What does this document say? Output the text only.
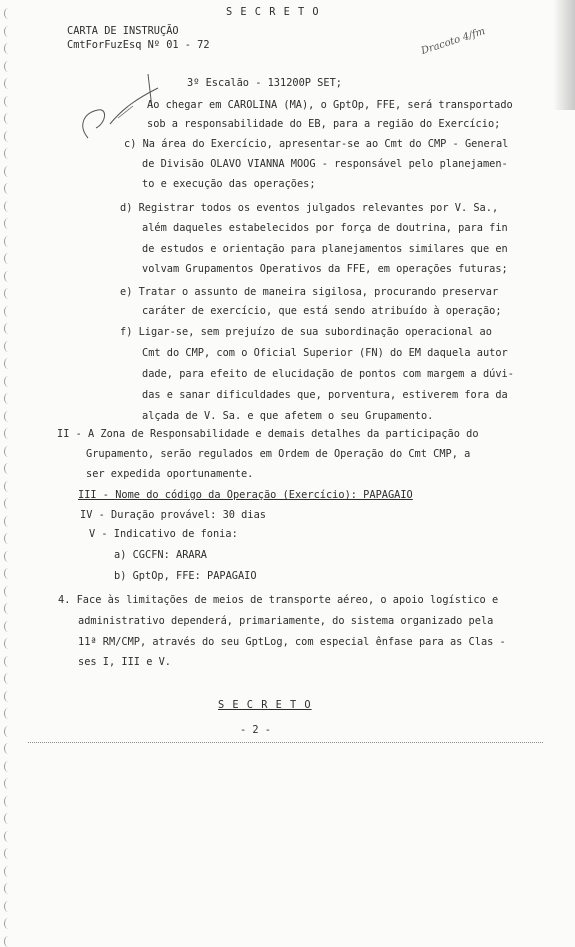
S E C R E T O
CARTA DE INSTRUÇÃO
CmtForFuzEsq Nº 01 - 72	Dracoto 4/fm
3º Escalão - 131200P SET;
Ao chegar em CAROLINA (MA), o GptOp, FFE, será transportado
sob a responsabilidade do EB, para a região do Exercício;
c) Na área do Exercício, apresentar-se ao Cmt do CMP - General
de Divisão OLAVO VIANNA MOOG - responsável pelo planejamen-
to e execução das operações;
d) Registrar todos os eventos julgados relevantes por V. Sa.,
além daqueles estabelecidos por força de doutrina, para fin
de estudos e orientação para planejamentos similares que en
volvam Grupamentos Operativos da FFE, em operações futuras;
e) Tratar o assunto de maneira sigilosa, procurando preservar
caráter de exercício, que está sendo atribuído à operação;
f) Ligar-se, sem prejuízo de sua subordinação operacional ao
Cmt do CMP, com o Oficial Superior (FN) do EM daquela autor
dade, para efeito de elucidação de pontos com margem a dúvi-
das e sanar dificuldades que, porventura, estiverem fora da
alçada de V. Sa. e que afetem o seu Grupamento.
II - A Zona de Responsabilidade e demais detalhes da participação do
Grupamento, serão regulados em Ordem de Operação do Cmt CMP, a
ser expedida oportunamente.
III - Nome do código da Operação (Exercício): PAPAGAIO
IV - Duração provável: 30 dias
V - Indicativo de fonia:
a) CGCFN: ARARA
b) GptOp, FFE: PAPAGAIO
4. Face às limitações de meios de transporte aéreo, o apoio logístico e
administrativo dependerá, primariamente, do sistema organizado pela
11ª RM/CMP, através do seu GptLog, com especial ênfase para as Clas -
ses I, III e V.
S E C R E T O
- 2 -
